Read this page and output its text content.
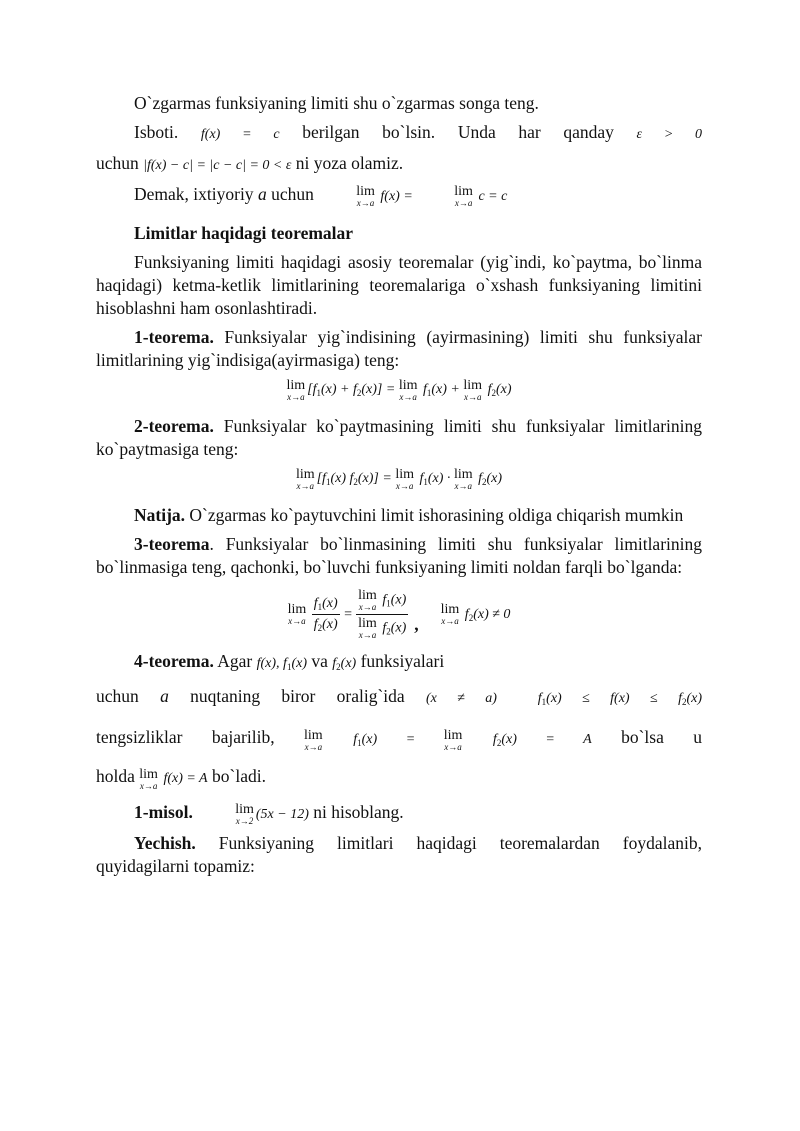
O`zgarmas funksiyaning limiti shu o`zgarmas songa teng.

Isboti. f(x) = c berilgan bo`lsin. Unda har qanday ε > 0

uchun |f(x) − c| = |c − c| = 0 < ε ni yoza olamiz.

Demak, ixtiyoriy a uchun	lim
x→a f(x) =	lim
x→a c = c

Limitlar haqidagi teoremalar

Funksiyaning limiti haqidagi asosiy teoremalar (yig`indi, ko`paytma, bo`linma haqidagi) ketma-ketlik limitlarining teoremalariga o`xshash funksiyaning limitini hisoblashni ham osonlashtiradi.

1-teorema. Funksiyalar yig`indisining (ayirmasining) limiti shu funksiyalar limitlarining yig`indisiga(ayirmasiga) teng:

lim
x→a $[f_1(x) + f_2(x)] = \lim$
x→a $f_1(x) + \lim$
x→a $f_2(x)$

2-teorema. Funksiyalar ko`paytmasining limiti shu funksiyalar limitlarining ko`paytmasiga teng:

lim
x→a $[f_1(x) f_2(x)] = \lim$
x→a $f_1(x) \cdot \lim$
x→a $f_2(x)$

Natija. O`zgarmas ko`paytuvchini limit ishorasining oldiga chiqarish mumkin

3-teorema. Funksiyalar bo`linmasining limiti shu funksiyalar limitlarining bo`linmasiga teng, qachonki, bo`luvchi funksiyaning limiti noldan farqli bo`lganda:

lim
x→a
$\frac{f_1(x)}{f_2(x)} = \lim$
x→a $f_1(x)$
lim
x→a $f_2(x)$ ,
lim
x→a $f_2(x) \ne 0$

4-teorema. Agar f(x), $f_1(x)$ va $f_2(x)$ funksiyalari

uchun a nuqtaning biror oralig`ida (x ≠ a)  $f_1(x) \le f(x) \le f_2(x)$

tengsizliklar bajarilib, lim
x→a $f_1(x) = \lim$
x→a $f_2(x) = A$ bo`lsa u

holda lim
x→a f(x) = A bo`ladi.

1-misol.	lim
x→2 (5x − 12) ni hisoblang.

Yechish. Funksiyaning limitlari haqidagi teoremalardan foydalanib, quyidagilarni topamiz:
